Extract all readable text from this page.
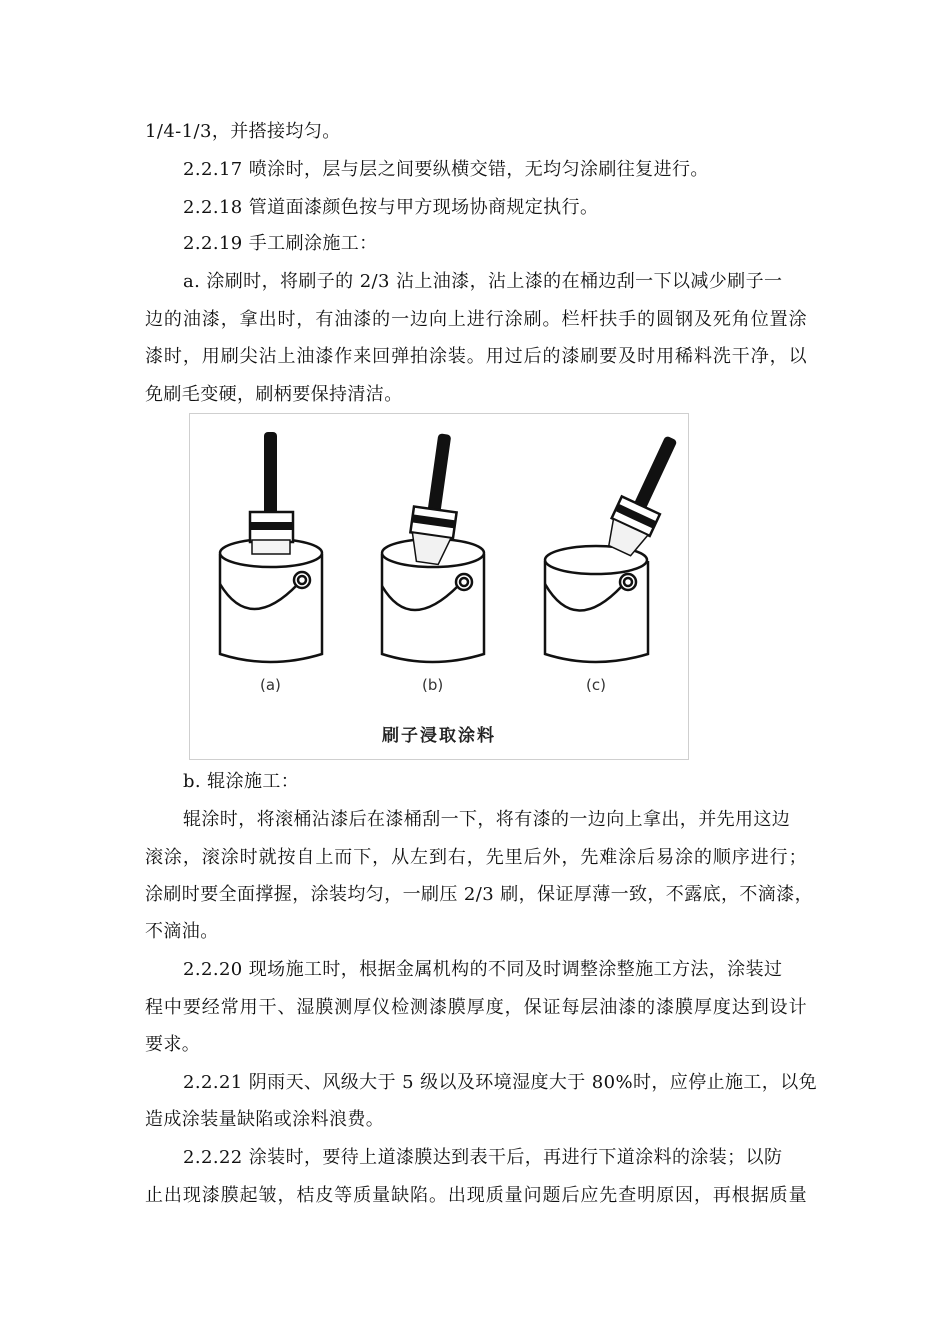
1/4-1/3，并搭接均匀。
2.2.17 喷涂时，层与层之间要纵横交错，无均匀涂刷往复进行。
2.2.18 管道面漆颜色按与甲方现场协商规定执行。
2.2.19 手工刷涂施工：
a. 涂刷时，将刷子的 2/3 沾上油漆，沾上漆的在桶边刮一下以减少刷子一
边的油漆，拿出时，有油漆的一边向上进行涂刷。栏杆扶手的圆钢及死角位置涂
漆时，用刷尖沾上油漆作来回弹拍涂装。用过后的漆刷要及时用稀料洗干净，以
免刷毛变硬，刷柄要保持清洁。
(a)	(b)	(c)
刷子浸取涂料
b. 辊涂施工：
辊涂时，将滚桶沾漆后在漆桶刮一下，将有漆的一边向上拿出，并先用这边
滚涂，滚涂时就按自上而下，从左到右，先里后外，先难涂后易涂的顺序进行；
涂刷时要全面撑握，涂装均匀，一刷压 2/3 刷，保证厚薄一致，不露底，不滴漆，
不滴油。
2.2.20 现场施工时，根据金属机构的不同及时调整涂整施工方法，涂装过
程中要经常用干、湿膜测厚仪检测漆膜厚度，保证每层油漆的漆膜厚度达到设计
要求。
2.2.21 阴雨天、风级大于 5 级以及环境湿度大于 80%时，应停止施工，以免
造成涂装量缺陷或涂料浪费。
2.2.22 涂装时，要待上道漆膜达到表干后，再进行下道涂料的涂装；以防
止出现漆膜起皱，桔皮等质量缺陷。出现质量问题后应先查明原因，再根据质量
